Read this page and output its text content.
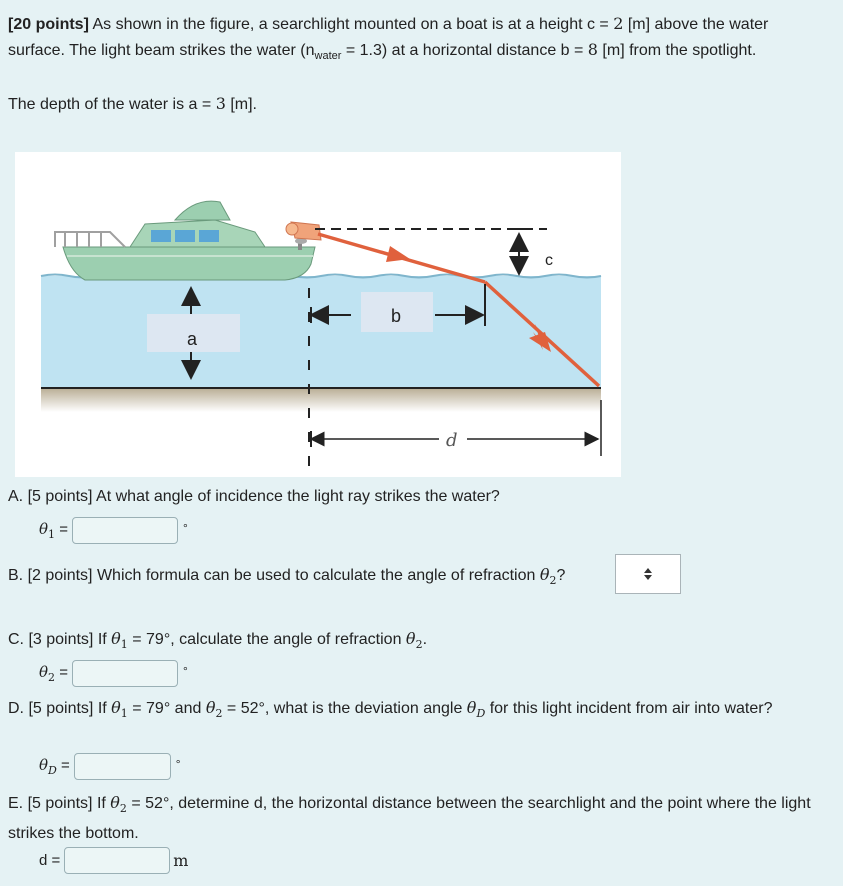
[20 points] As shown in the figure, a searchlight mounted on a boat is at a height c = 2 [m] above the water surface. The light beam strikes the water $(n_{water} = 1.3)$ at a horizontal distance b = 8 [m] from the spotlight.

The depth of the water is a = 3 [m].
c
a
b
d
A. [5 points] At what angle of incidence the light ray strikes the water?
$\theta_1$ =	°
B. [2 points] Which formula can be used to calculate the angle of refraction $\theta_2$?
C. [3 points] If $\theta_1 = 79^\circ$, calculate the angle of refraction $\theta_2$.
$\theta_2$ =	°
D. [5 points] If $\theta_1 = 79^\circ$ and $\theta_2 = 52^\circ$, what is the deviation angle $\theta_D$ for this light incident from air into water?
$\theta_D$ =	°
E. [5 points] If $\theta_2 = 52^\circ$, determine d, the horizontal distance between the searchlight and the point where the light strikes the bottom.
d =	m
